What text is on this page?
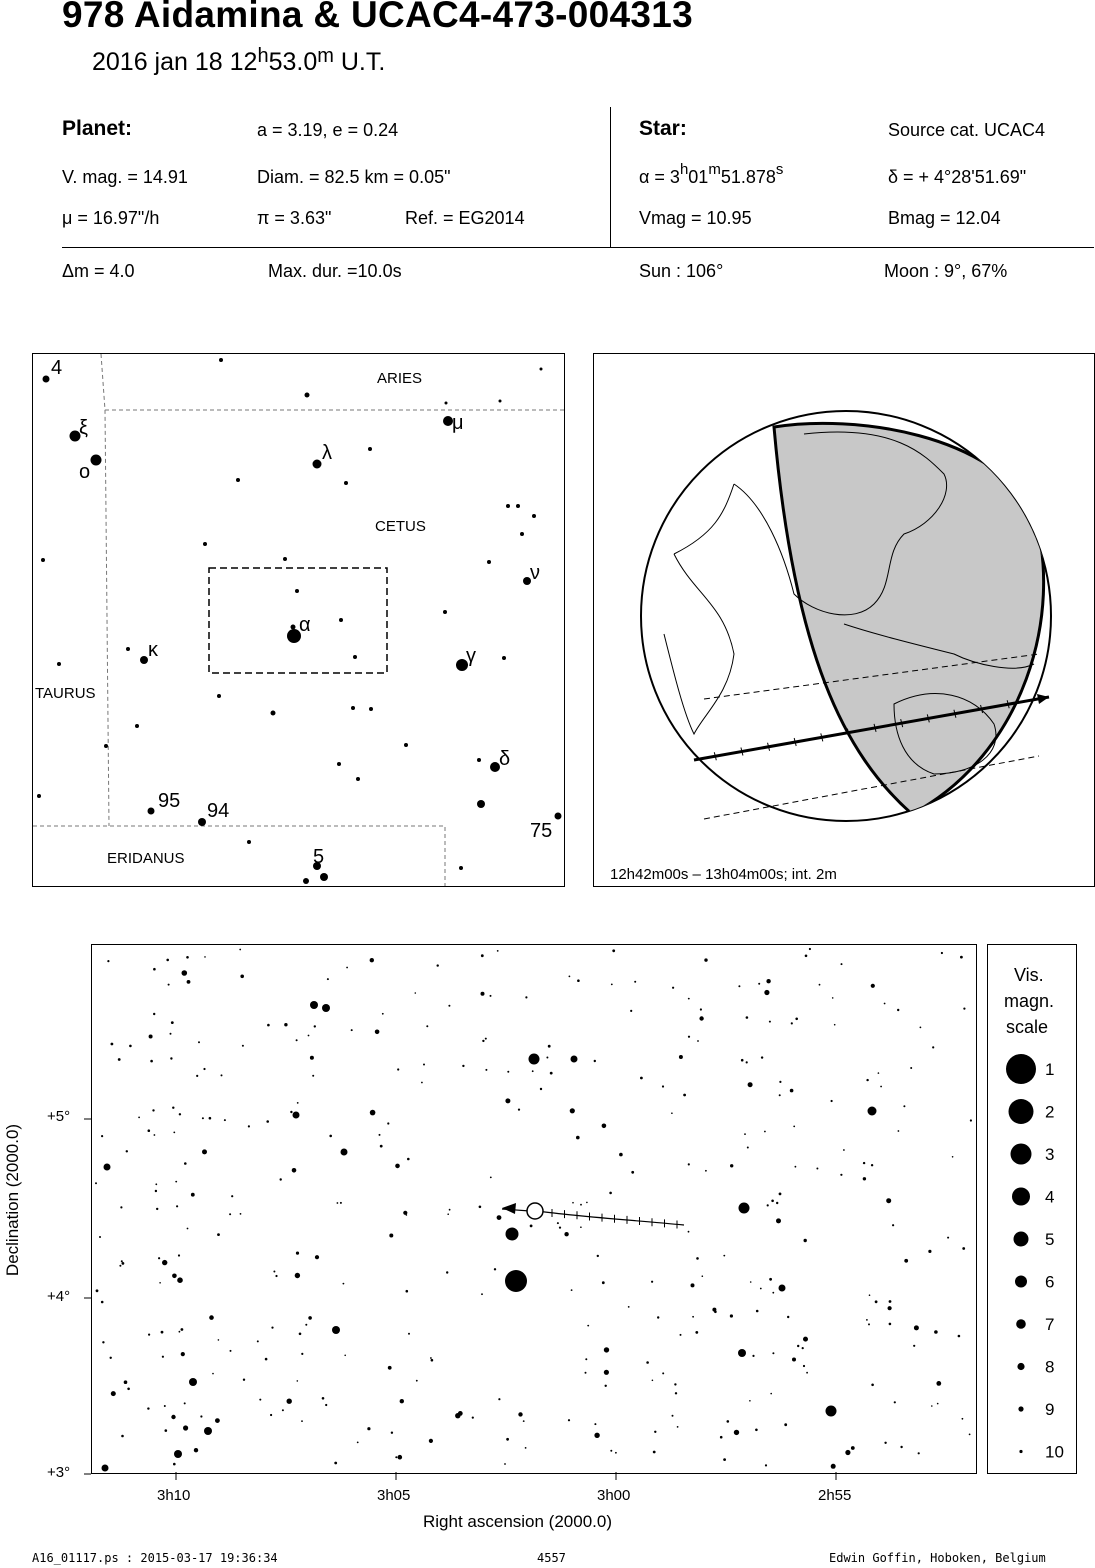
978 Aidamina & UCAC4-473-004313
2016 jan 18 12$^h$53.0$^m$ U.T.
Planet:	a = 3.19, e = 0.24
V. mag. = 14.91	Diam. = 82.5 km = 0.05"
μ = 16.97"/h	π = 3.63"	Ref. = EG2014
Star:	Source cat. UCAC4
$\alpha = 3^h01^m51.878^s$	δ = + 4°28'51.69"
Vmag = 10.95	Bmag = 12.04
Δm = 4.0	Max. dur. =10.0s	Sun : 106°	Moon : 9°, 67%
ARIES
CETUS
TAURUS
ERIDANUS
4
ξ
ο
λ
μ
ν
α
κ	γ
δ
95 94
75
5
12h42m00s – 13h04m00s; int. 2m
+5°
+4°
+3°
3h10	3h05	3h00	2h55
Right ascension (2000.0)
Declination (2000.0)
Vis.
magn.
scale
1
2
3
4
5
6
7
8
9
10
A16_01117.ps : 2015-03-17 19:36:34	4557	Edwin Goffin, Hoboken, Belgium
